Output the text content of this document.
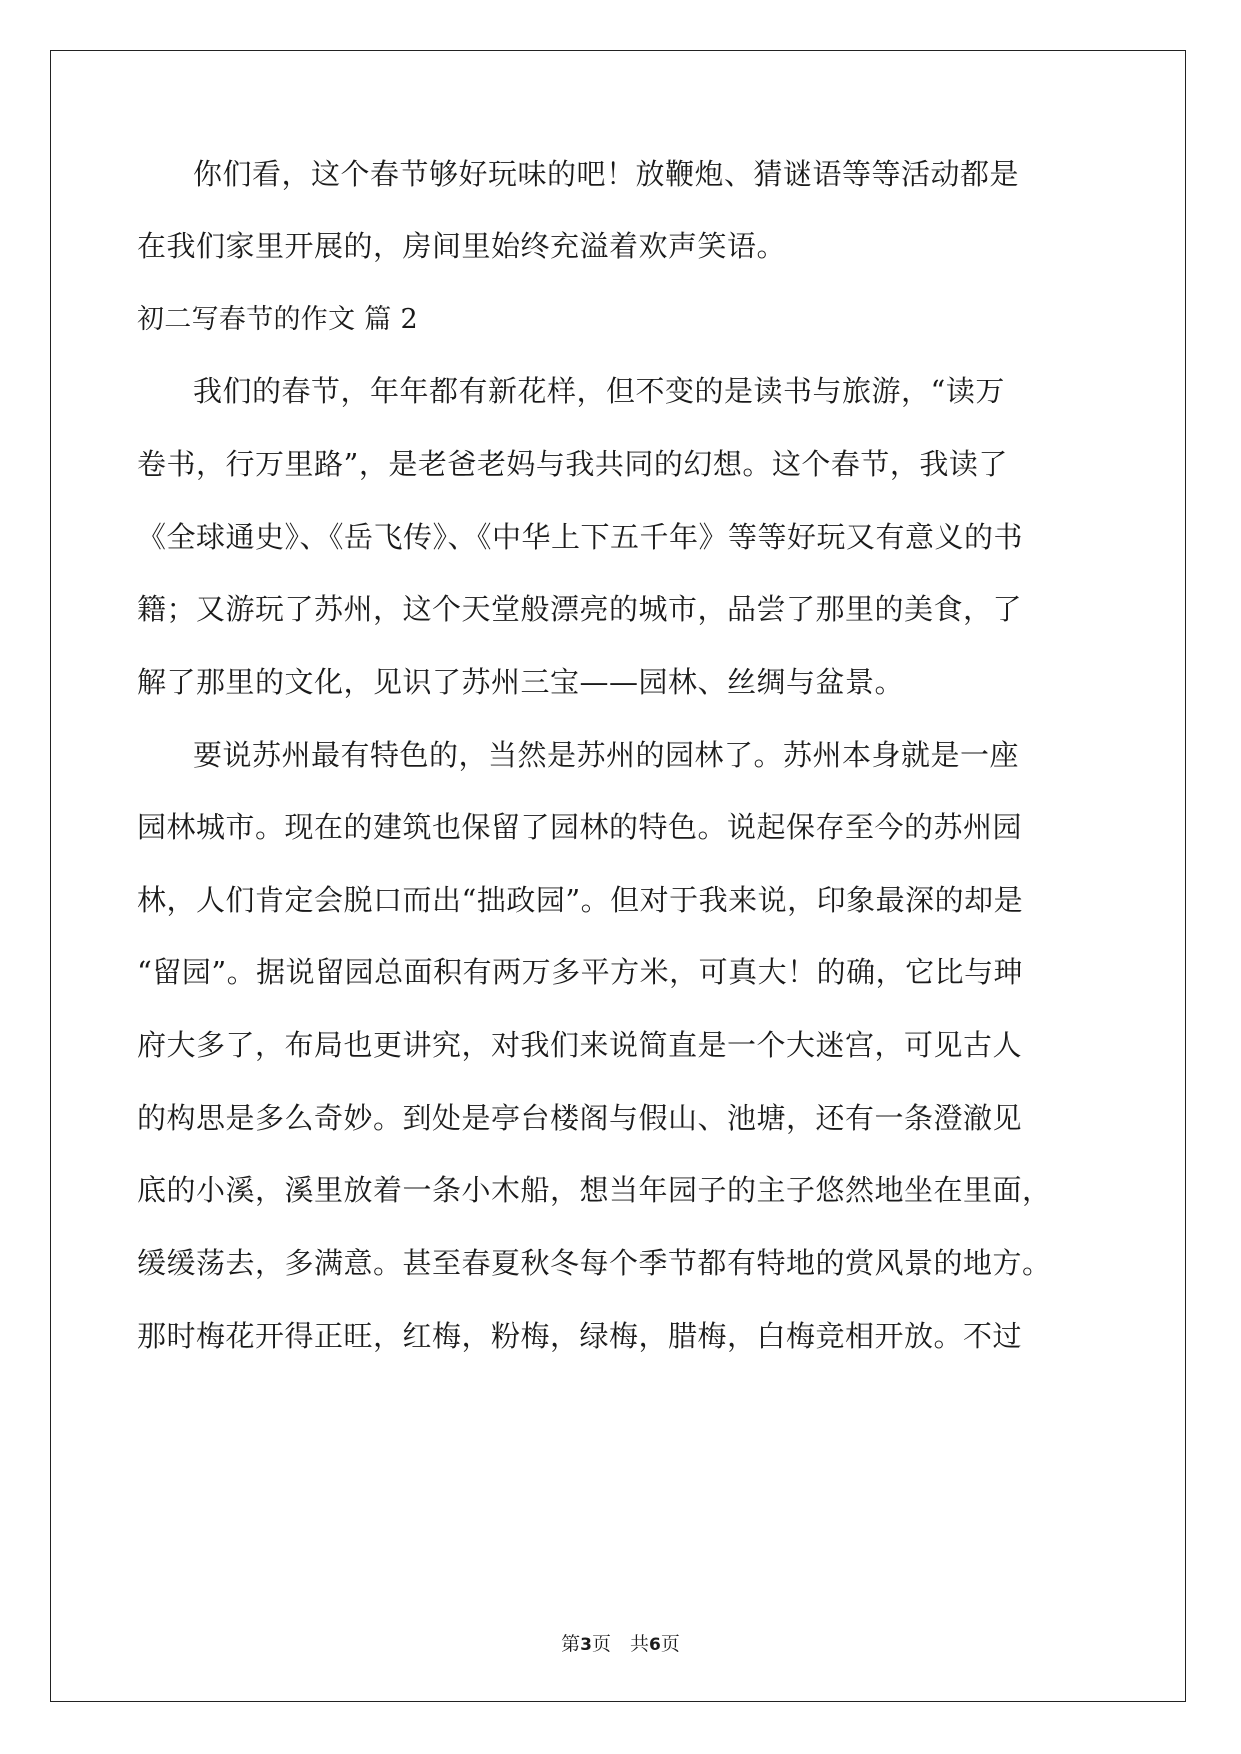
你们看，这个春节够好玩味的吧！放鞭炮、猜谜语等等活动都是
在我们家里开展的，房间里始终充溢着欢声笑语。
初二写春节的作文 篇 2
我们的春节，年年都有新花样，但不变的是读书与旅游，“读万
卷书，行万里路”，是老爸老妈与我共同的幻想。这个春节，我读了
《全球通史》、《岳飞传》、《中华上下五千年》等等好玩又有意义的书
籍；又游玩了苏州，这个天堂般漂亮的城市，品尝了那里的美食，了
解了那里的文化，见识了苏州三宝——园林、丝绸与盆景。
要说苏州最有特色的，当然是苏州的园林了。苏州本身就是一座
园林城市。现在的建筑也保留了园林的特色。说起保存至今的苏州园
林，人们肯定会脱口而出“拙政园”。但对于我来说，印象最深的却是
“留园”。据说留园总面积有两万多平方米，可真大！的确，它比与珅
府大多了，布局也更讲究，对我们来说简直是一个大迷宫，可见古人
的构思是多么奇妙。到处是亭台楼阁与假山、池塘，还有一条澄澈见
底的小溪，溪里放着一条小木船，想当年园子的主子悠然地坐在里面，
缓缓荡去，多满意。甚至春夏秋冬每个季节都有特地的赏风景的地方。
那时梅花开得正旺，红梅，粉梅，绿梅，腊梅，白梅竞相开放。不过
第3页　共6页
